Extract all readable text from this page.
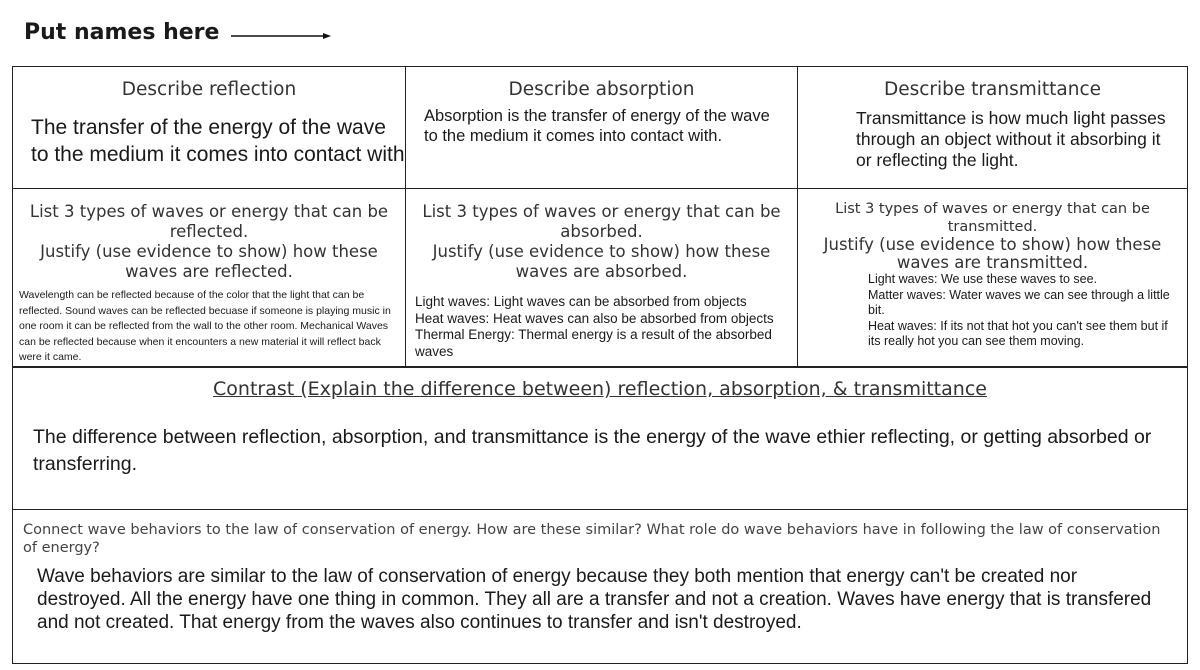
Put names here
Describe reflection
The transfer of the energy of the wave to the medium it comes into contact with
Describe absorption
Absorption is the transfer of energy of the wave to the medium it comes into contact with.
Describe transmittance
Transmittance is how much light passes through an object without it absorbing it or reflecting the light.
List 3 types of waves or energy that can be reflected.
Justify (use evidence to show) how these waves are reflected.
Wavelength can be reflected because of the color that the light that can be reflected. Sound waves can be reflected becuase if someone is playing music in one room it can be reflected from the wall to the other room. Mechanical Waves can be reflected because when it encounters a new material it will reflect back were it came.
List 3 types of waves or energy that can be absorbed.
Justify (use evidence to show) how these waves are absorbed.
Light waves: Light waves can be absorbed from objects
Heat waves: Heat waves can also be absorbed from objects
Thermal Energy: Thermal energy is a result of the absorbed waves
List 3 types of waves or energy that can be transmitted.
Justify (use evidence to show) how these waves are transmitted.
Light waves: We use these waves to see.
Matter waves: Water waves we can see through a little bit.
Heat waves: If its not that hot you can't see them but if its really hot you can see them moving.
Contrast (Explain the difference between) reflection, absorption, & transmittance
The difference between reflection, absorption, and transmittance is the energy of the wave ethier reflecting, or getting absorbed or transferring.
Connect wave behaviors to the law of conservation of energy. How are these similar? What role do wave behaviors have in following the law of conservation of energy?
Wave behaviors are similar to the law of conservation of energy because they both mention that energy can't be created nor destroyed. All the energy have one thing in common. They all are a transfer and not a creation. Waves have energy that is transfered and not created. That energy from the waves also continues to transfer and isn't destroyed.
